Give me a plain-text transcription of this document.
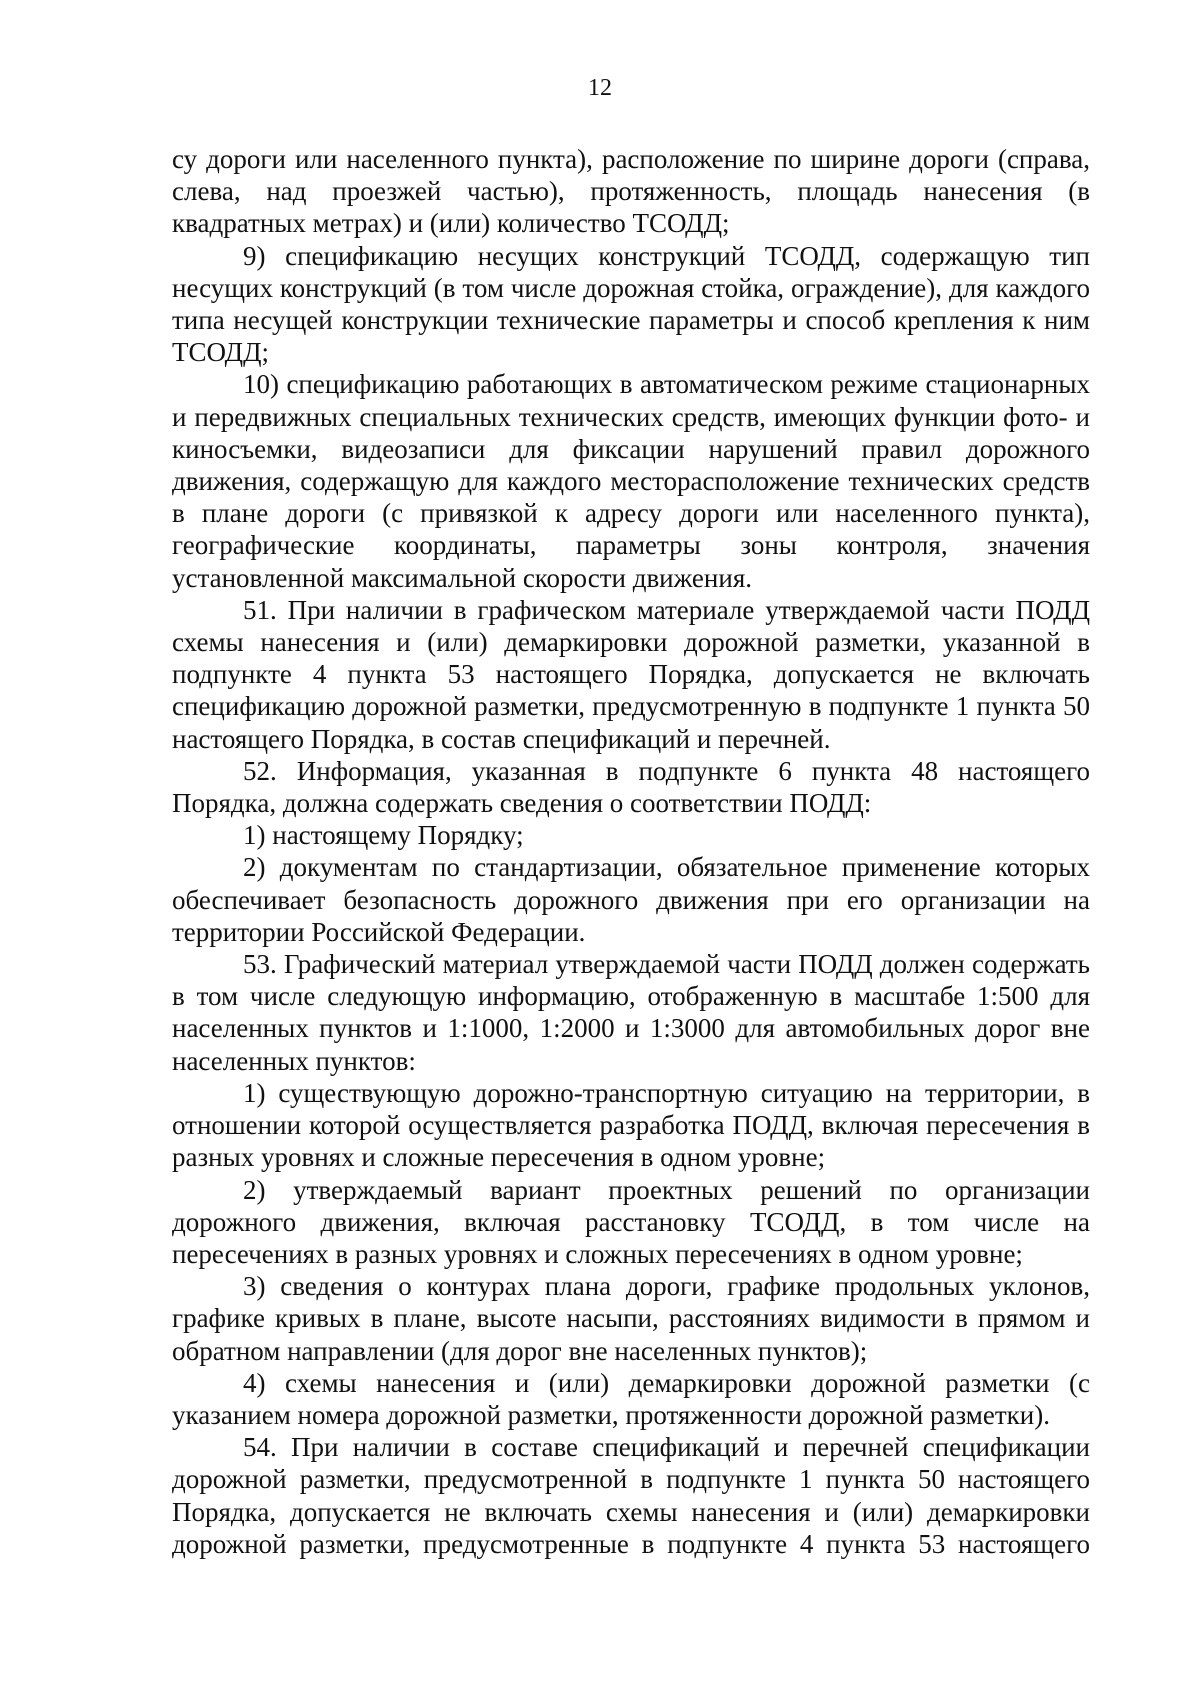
12

су дороги или населенного пункта), расположение по ширине дороги (справа, слева, над проезжей частью), протяженность, площадь нанесения (в квадратных метрах) и (или) количество ТСОДД;

9) спецификацию несущих конструкций ТСОДД, содержащую тип несущих конструкций (в том числе дорожная стойка, ограждение), для каждого типа несущей конструкции технические параметры и способ крепления к ним ТСОДД;

10) спецификацию работающих в автоматическом режиме стационарных и передвижных специальных технических средств, имеющих функции фото- и киносъемки, видеозаписи для фиксации нарушений правил дорожного движения, содержащую для каждого месторасположение технических средств в плане дороги (с привязкой к адресу дороги или населенного пункта), географические координаты, параметры зоны контроля, значения установленной максимальной скорости движения.

51. При наличии в графическом материале утверждаемой части ПОДД схемы нанесения и (или) демаркировки дорожной разметки, указанной в подпункте 4 пункта 53 настоящего Порядка, допускается не включать спецификацию дорожной разметки, предусмотренную в подпункте 1 пункта 50 настоящего Порядка, в состав спецификаций и перечней.

52. Информация, указанная в подпункте 6 пункта 48 настоящего Порядка, должна содержать сведения о соответствии ПОДД:

1) настоящему Порядку;

2) документам по стандартизации, обязательное применение которых обеспечивает безопасность дорожного движения при его организации на территории Российской Федерации.

53. Графический материал утверждаемой части ПОДД должен содержать в том числе следующую информацию, отображенную в масштабе 1:500 для населенных пунктов и 1:1000, 1:2000 и 1:3000 для автомобильных дорог вне населенных пунктов:

1) существующую дорожно-транспортную ситуацию на территории, в отношении которой осуществляется разработка ПОДД, включая пересечения в разных уровнях и сложные пересечения в одном уровне;

2) утверждаемый вариант проектных решений по организации дорожного движения, включая расстановку ТСОДД, в том числе на пересечениях в разных уровнях и сложных пересечениях в одном уровне;

3) сведения о контурах плана дороги, графике продольных уклонов, графике кривых в плане, высоте насыпи, расстояниях видимости в прямом и обратном направлении (для дорог вне населенных пунктов);

4) схемы нанесения и (или) демаркировки дорожной разметки (с указанием номера дорожной разметки, протяженности дорожной разметки).

54. При наличии в составе спецификаций и перечней спецификации дорожной разметки, предусмотренной в подпункте 1 пункта 50 настоящего Порядка, допускается не включать схемы нанесения и (или) демаркировки дорожной разметки, предусмотренные в подпункте 4 пункта 53 настоящего
